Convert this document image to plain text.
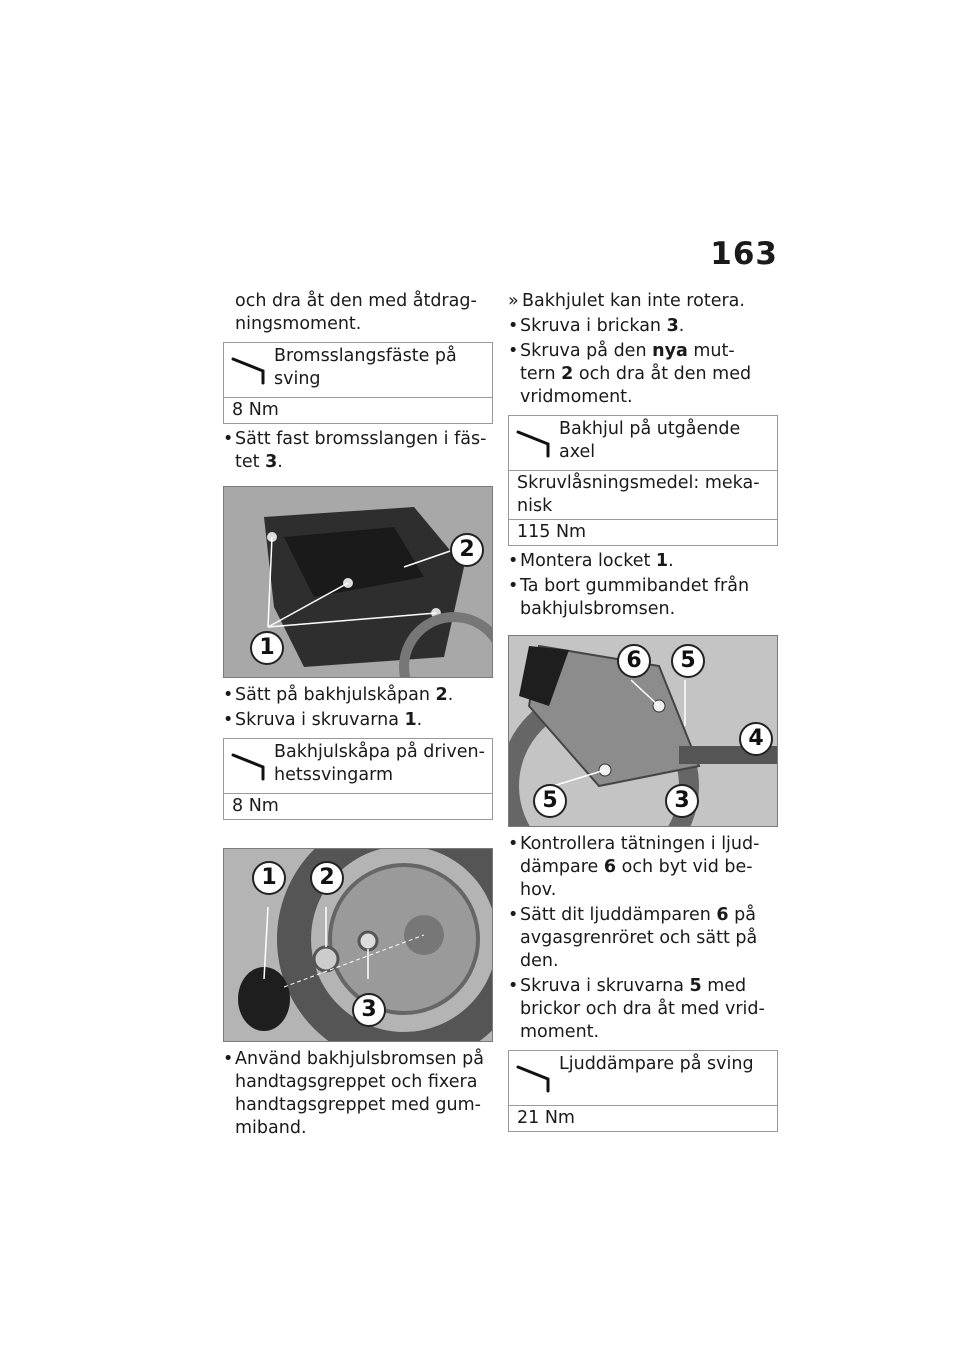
163

och dra åt den med åtdrag-
ningsmoment.

Bromsslangsfäste på
sving
8 Nm

• Sätt fast bromsslangen i fäs-
tet 3.

2
1

• Sätt på bakhjulskåpan 2.

• Skruva i skruvarna 1.

Bakhjulskåpa på driven-
hetssvingarm
8 Nm
1	2
3

• Använd bakhjulsbromsen på
handtagsgreppet och fixera
handtagsgreppet med gum-
miband.

» Bakhjulet kan inte rotera.

• Skruva i brickan 3.

• Skruva på den nya mut-
tern 2 och dra åt den med
vridmoment.

Bakhjul på utgående
axel
Skruvlåsningsmedel: meka-
nisk
115 Nm

• Montera locket 1.

• Ta bort gummibandet från
bakhjulsbromsen.

6	5
4
5	3

• Kontrollera tätningen i ljud-
dämpare 6 och byt vid be-
hov.

• Sätt dit ljuddämparen 6 på
avgasgrenröret och sätt på
den.

• Skruva i skruvarna 5 med
brickor och dra åt med vrid-
moment.

Ljuddämpare på sving
21 Nm
